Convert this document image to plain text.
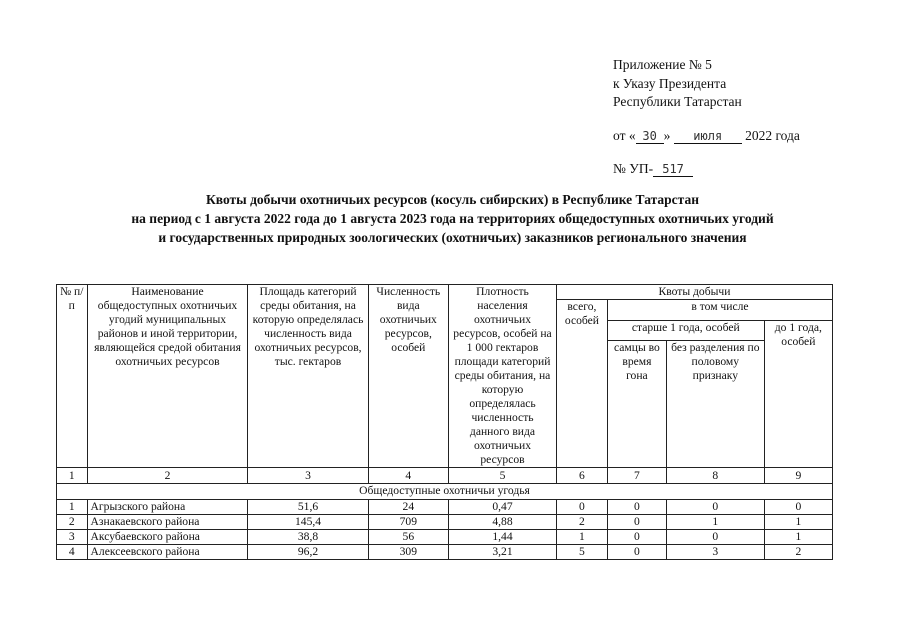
Приложение № 5
к Указу Президента
Республики Татарстан
от « 30 » июля 2022 года
№ УП- 517
Квоты добычи охотничьих ресурсов (косуль сибирских) в Республике Татарстан
на период с 1 августа 2022 года до 1 августа 2023 года на территориях общедоступных охотничьих угодий
и государственных природных зоологических (охотничьих) заказников регионального значения
№ п/п	Наименование общедоступных охотничьих угодий муниципальных районов и иной территории, являющейся средой обитания охотничьих ресурсов	Площадь категорий среды обитания, на которую определялась численность вида охотничьих ресурсов, тыс. гектаров	Численность вида охотничьих ресурсов, особей	Плотность населения охотничьих ресурсов, особей на 1 000 гектаров площади категорий среды обитания, на которую определялась численность данного вида охотничьих ресурсов	Квоты добычи			
					всего, особей	в том числе		
						старше 1 года, особей		до 1 года, особей
						самцы во время гона	без разделения по половому признаку	
1	2	3	4	5	6	7	8	9
Общедоступные охотничьи угодья								
1	Агрызского района	51,6	24	0,47	0	0	0	0
2	Азнакаевского района	145,4	709	4,88	2	0	1	1
3	Аксубаевского района	38,8	56	1,44	1	0	0	1
4	Алексеевского района	96,2	309	3,21	5	0	3	2
